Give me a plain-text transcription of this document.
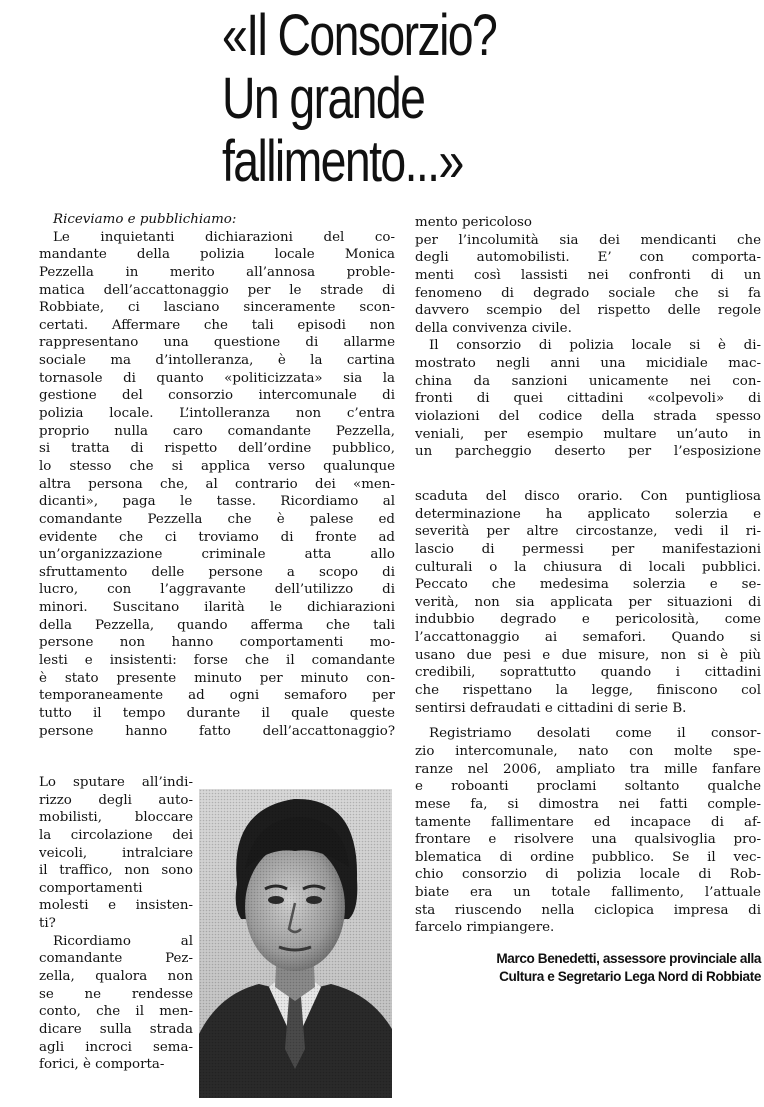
«Il Consorzio?
Un grande
fallimento...»
Riceviamo e pubblichiamo:
Le inquietanti dichiarazioni del co-
mandante della polizia locale Monica
Pezzella in merito all’annosa proble-
matica dell’accattonaggio per le strade di
Robbiate, ci lasciano sinceramente scon-
certati. Affermare che tali episodi non
rappresentano una questione di allarme
sociale ma d’intolleranza, è la cartina
tornasole di quanto «politicizzata» sia la
gestione del consorzio intercomunale di
polizia locale. L’intolleranza non c’entra
proprio nulla caro comandante Pezzella,
si tratta di rispetto dell’ordine pubblico,
lo stesso che si applica verso qualunque
altra persona che, al contrario dei «men-
dicanti», paga le tasse. Ricordiamo al
comandante Pezzella che è palese ed
evidente che ci troviamo di fronte ad
un’organizzazione criminale atta allo
sfruttamento delle persone a scopo di
lucro, con l’aggravante dell’utilizzo di
minori. Suscitano ilarità le dichiarazioni
della Pezzella, quando afferma che tali
persone non hanno comportamenti mo-
lesti e insistenti: forse che il comandante
è stato presente minuto per minuto con-
temporaneamente ad ogni semaforo per
tutto il tempo durante il quale queste
persone hanno fatto dell’accattonaggio?
Lo sputare all’indi-
rizzo degli auto-
mobilisti, bloccare
la circolazione dei
veicoli, intralciare
il traffico, non sono
comportamenti
molesti e insisten-
ti?
Ricordiamo al
comandante Pez-
zella, qualora non
se ne rendesse
conto, che il men-
dicare sulla strada
agli incroci sema-
forici, è comporta-
mento pericoloso
per l’incolumità sia dei mendicanti che
degli automobilisti. E’ con comporta-
menti così lassisti nei confronti di un
fenomeno di degrado sociale che si fa
davvero scempio del rispetto delle regole
della convivenza civile.
Il consorzio di polizia locale si è di-
mostrato negli anni una micidiale mac-
china da sanzioni unicamente nei con-
fronti di quei cittadini «colpevoli» di
violazioni del codice della strada spesso
veniali, per esempio multare un’auto in
un parcheggio deserto per l’esposizione
scaduta del disco orario. Con puntigliosa
determinazione ha applicato solerzia e
severità per altre circostanze, vedi il ri-
lascio di permessi per manifestazioni
culturali o la chiusura di locali pubblici.
Peccato che medesima solerzia e se-
verità, non sia applicata per situazioni di
indubbio degrado e pericolosità, come
l’accattonaggio ai semafori. Quando si
usano due pesi e due misure, non si è più
credibili, soprattutto quando i cittadini
che rispettano la legge, finiscono col
sentirsi defraudati e cittadini di serie B.
Registriamo desolati come il consor-
zio intercomunale, nato con molte spe-
ranze nel 2006, ampliato tra mille fanfare
e roboanti proclami soltanto qualche
mese fa, si dimostra nei fatti comple-
tamente fallimentare ed incapace di af-
frontare e risolvere una qualsivoglia pro-
blematica di ordine pubblico. Se il vec-
chio consorzio di polizia locale di Rob-
biate era un totale fallimento, l’attuale
sta riuscendo nella ciclopica impresa di
farcelo rimpiangere.
Marco Benedetti, assessore provinciale alla
Cultura e Segretario Lega Nord di Robbiate
